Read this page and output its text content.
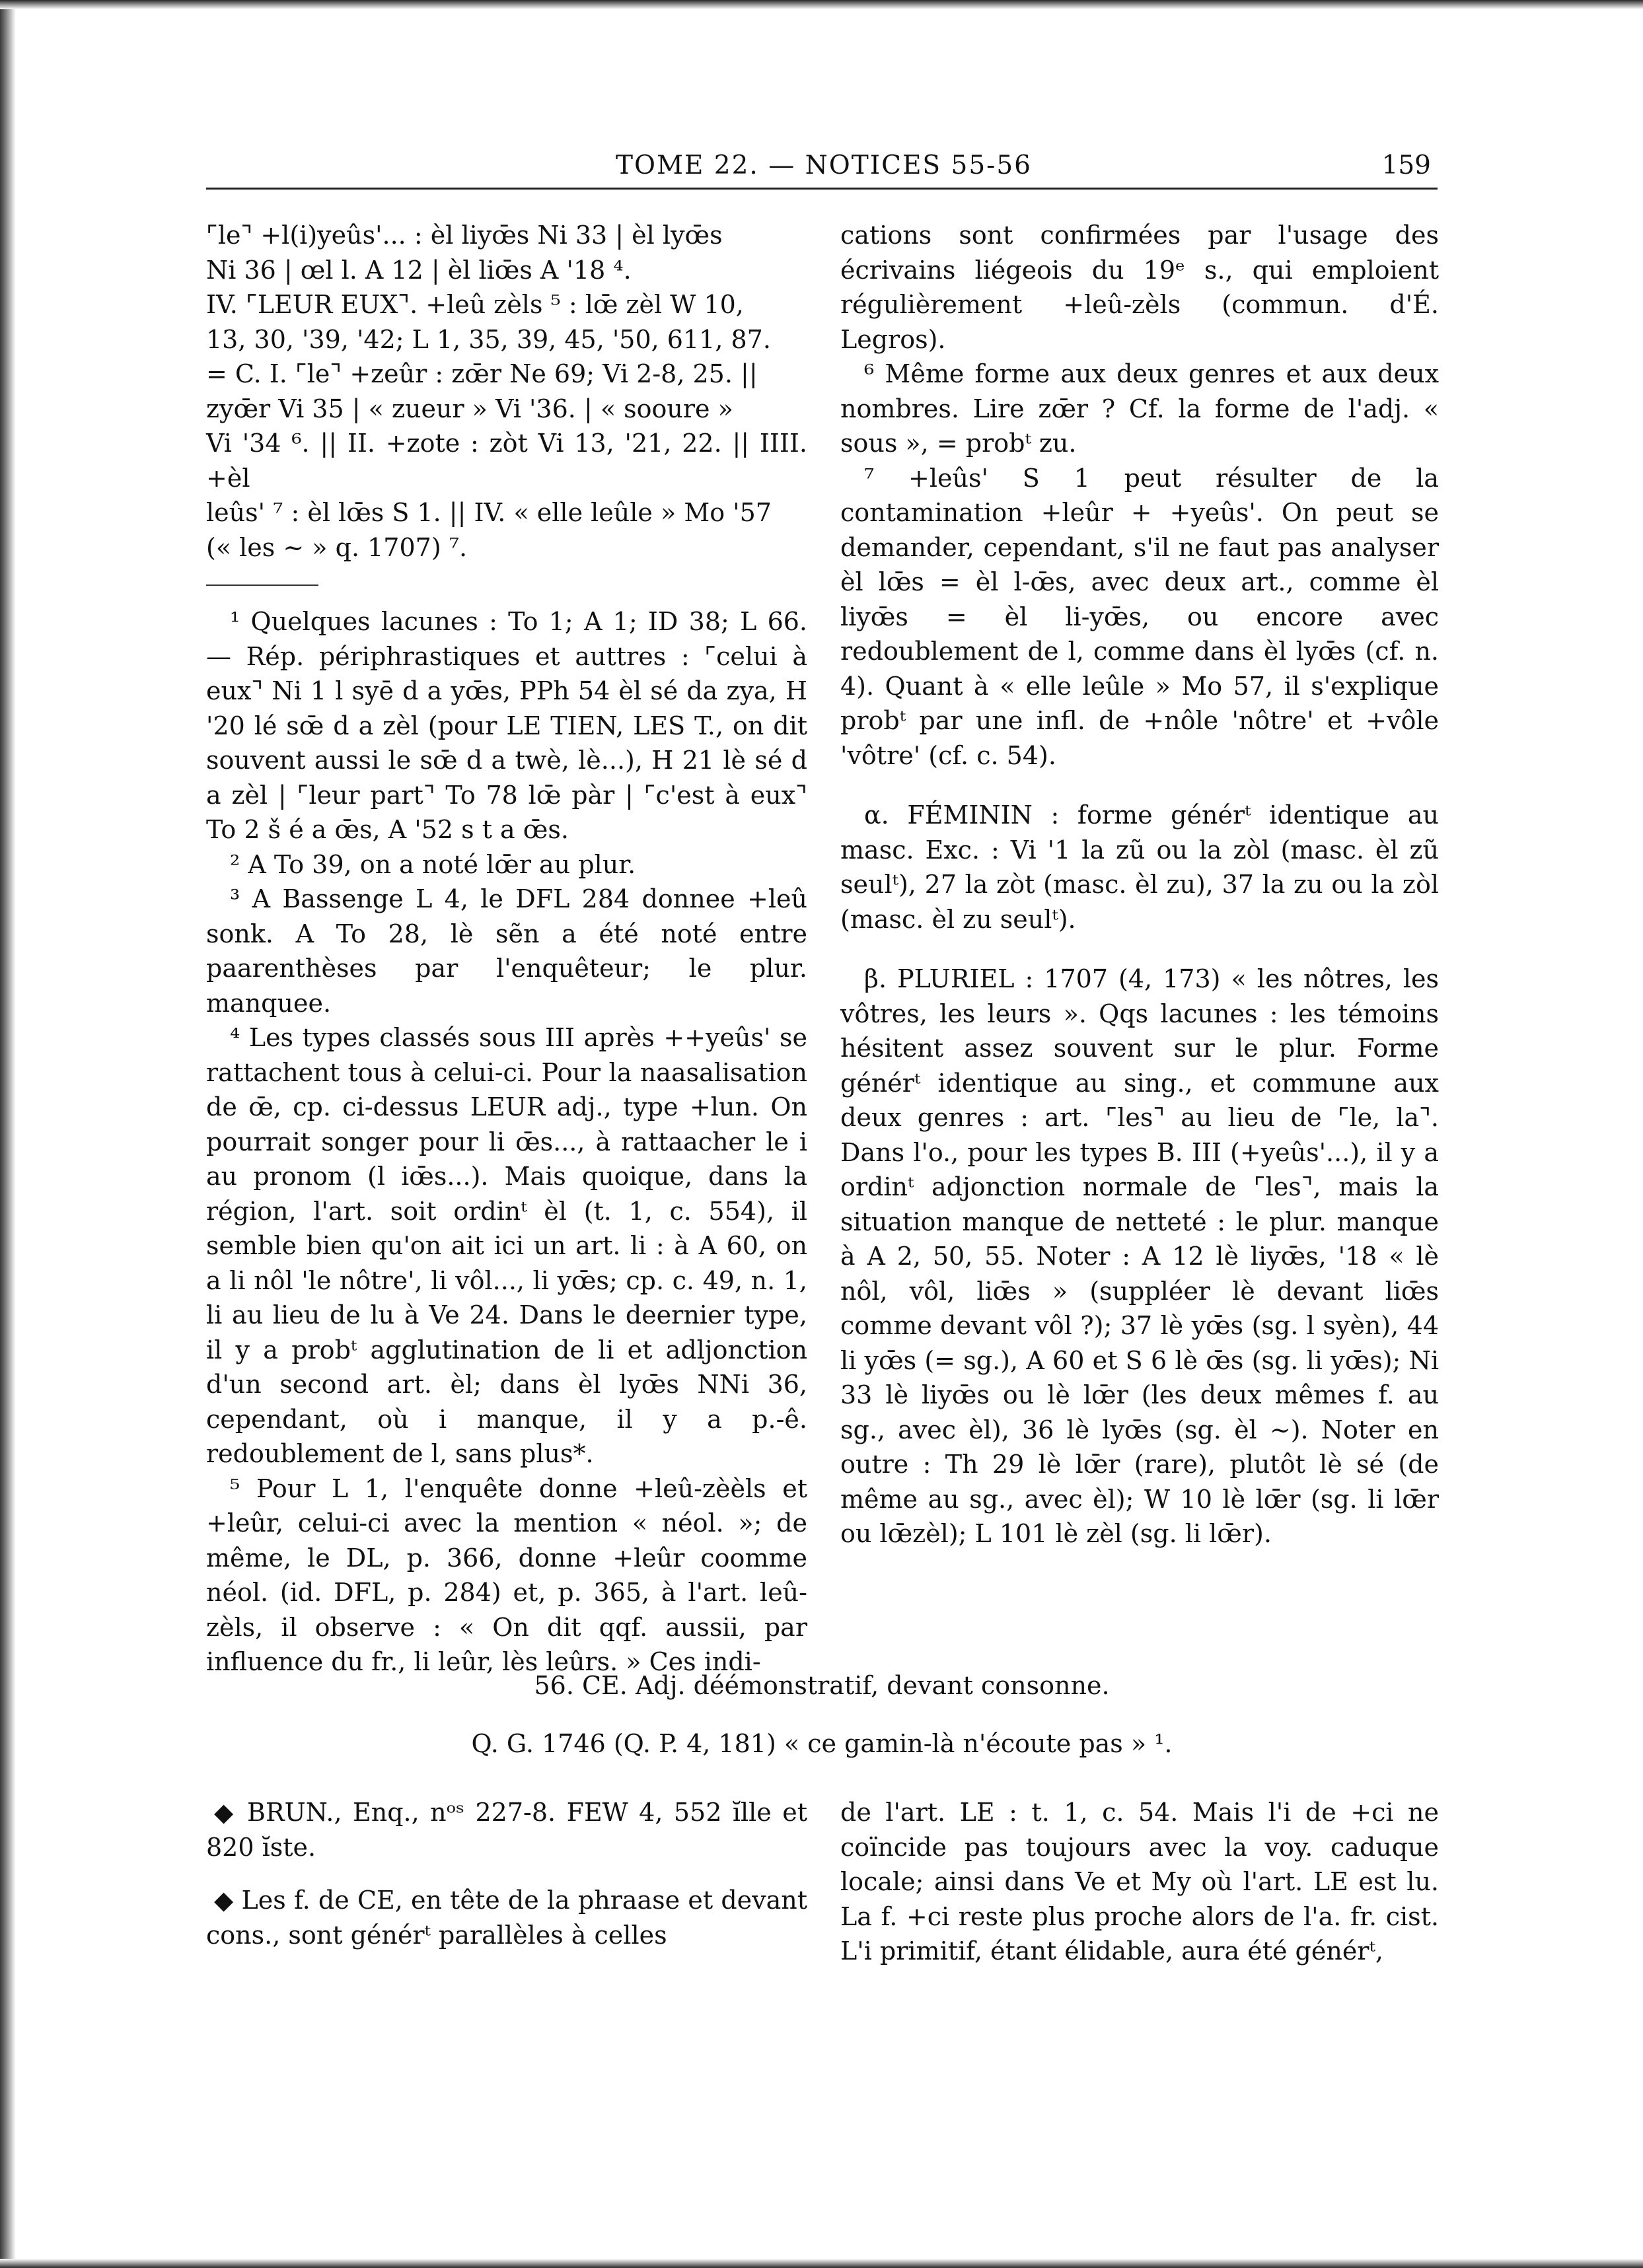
TOME 22. — NOTICES 55-56	159

⌜le⌝ +l(i)yeûs'... : èl liyœ̄s Ni 33 | èl lyœ̄s

Ni 36 | œl l. A 12 | èl liœ̄s A '18 ⁴.

IV. ⌜LEUR EUX⌝. +leû zèls ⁵ : lœ̄ zèl W 10,

13, 30, '39, '42; L 1, 35, 39, 45, '50, 611, 87.

= C. I. ⌜le⌝ +zeûr : zœ̄r Ne 69; Vi 2-8, 25. ||

zyœ̄r Vi 35 | « zueur » Vi '36. | « sooure »

Vi '34 ⁶. || II. +zote : zòt Vi 13, '21, 22. || IIII. +èl

leûs' ⁷ : èl lœ̄s S 1. || IV. « elle leûle » Mo '57

(« les ~ » q. 1707) ⁷.

¹ Quelques lacunes : To 1; A 1; ID 38; L 66. — Rép. périphrastiques et auttres : ⌜celui à eux⌝ Ni 1 l syē d a yœ̄s, PPh 54 èl sé da zya, H '20 lé sœ̄ d a zèl (pour LE TIEN, LES T., on dit souvent aussi le sœ̄ d a twè, lè...), H 21 lè sé d a zèl | ⌜leur part⌝ To 78 lœ̄ pàr | ⌜c'est à eux⌝ To 2 š é a œ̄s, A '52 s t a œ̄s.

² A To 39, on a noté lœ̄r au plur.

³ A Bassenge L 4, le DFL 284 donnee +leû sonk. A To 28, lè sẽn a été noté entre paarenthèses par l'enquêteur; le plur. manquee.

⁴ Les types classés sous III après ++yeûs' se rattachent tous à celui-ci. Pour la naasalisation de œ̄, cp. ci-dessus LEUR adj., type +lun. On pourrait songer pour li œ̄s..., à rattaacher le i au pronom (l iœ̄s...). Mais quoique, dans la région, l'art. soit ordinᵗ èl (t. 1, c. 554), il semble bien qu'on ait ici un art. li : à A 60, on a li nôl 'le nôtre', li vôl..., li yœ̄s; cp. c. 49, n. 1, li au lieu de lu à Ve 24. Dans le deernier type, il y a probᵗ agglutination de li et adljonction d'un second art. èl; dans èl lyœ̄s NNi 36, cependant, où i manque, il y a p.-ê. redoublement de l, sans plus*.

⁵ Pour L 1, l'enquête donne +leû-zèèls et +leûr, celui-ci avec la mention « néol. »; de même, le DL, p. 366, donne +leûr coomme néol. (id. DFL, p. 284) et, p. 365, à l'art. leû-zèls, il observe : « On dit qqf. aussii, par influence du fr., li leûr, lès leûrs. » Ces indi-

cations sont confirmées par l'usage des écrivains liégeois du 19ᵉ s., qui emploient régulièrement +leû-zèls (commun. d'É. Legros).

⁶ Même forme aux deux genres et aux deux nombres. Lire zœ̄r ? Cf. la forme de l'adj. « sous », = probᵗ zu.

⁷ +leûs' S 1 peut résulter de la contamination +leûr + +yeûs'. On peut se demander, cependant, s'il ne faut pas analyser èl lœ̄s = èl l-œ̄s, avec deux art., comme èl liyœ̄s = èl li-yœ̄s, ou encore avec redoublement de l, comme dans èl lyœ̄s (cf. n. 4). Quant à « elle leûle » Mo 57, il s'explique probᵗ par une infl. de +nôle 'nôtre' et +vôle 'vôtre' (cf. c. 54).

α. FÉMININ : forme générᵗ identique au masc. Exc. : Vi '1 la zũ ou la zòl (masc. èl zũ seulᵗ), 27 la zòt (masc. èl zu), 37 la zu ou la zòl (masc. èl zu seulᵗ).

β. PLURIEL : 1707 (4, 173) « les nôtres, les vôtres, les leurs ». Qqs lacunes : les témoins hésitent assez souvent sur le plur. Forme générᵗ identique au sing., et commune aux deux genres : art. ⌜les⌝ au lieu de ⌜le, la⌝. Dans l'o., pour les types B. III (+yeûs'...), il y a ordinᵗ adjonction normale de ⌜les⌝, mais la situation manque de netteté : le plur. manque à A 2, 50, 55. Noter : A 12 lè liyœ̄s, '18 « lè nôl, vôl, liœ̄s » (suppléer lè devant liœ̄s comme devant vôl ?); 37 lè yœ̄s (sg. l syèn), 44 li yœ̄s (= sg.), A 60 et S 6 lè œ̄s (sg. li yœ̄s); Ni 33 lè liyœ̄s ou lè lœ̄r (les deux mêmes f. au sg., avec èl), 36 lè lyœ̄s (sg. èl ~). Noter en outre : Th 29 lè lœ̄r (rare), plutôt lè sé (de même au sg., avec èl); W 10 lè lœ̄r (sg. li lœ̄r ou lœ̄zèl); L 101 lè zèl (sg. li lœ̄r).

56. CE. Adj. déémonstratif, devant consonne.
Q. G. 1746 (Q. P. 4, 181) « ce gamin-là n'écoute pas » ¹.

◆ BRUN., Enq., nᵒˢ 227-8. FEW 4, 552 ĭlle et 820 ĭste.

◆ Les f. de CE, en tête de la phraase et devant cons., sont générᵗ parallèles à celles

de l'art. LE : t. 1, c. 54. Mais l'i de +ci ne coïncide pas toujours avec la voy. caduque locale; ainsi dans Ve et My où l'art. LE est lu. La f. +ci reste plus proche alors de l'a. fr. cist. L'i primitif, étant élidable, aura été générᵗ,
